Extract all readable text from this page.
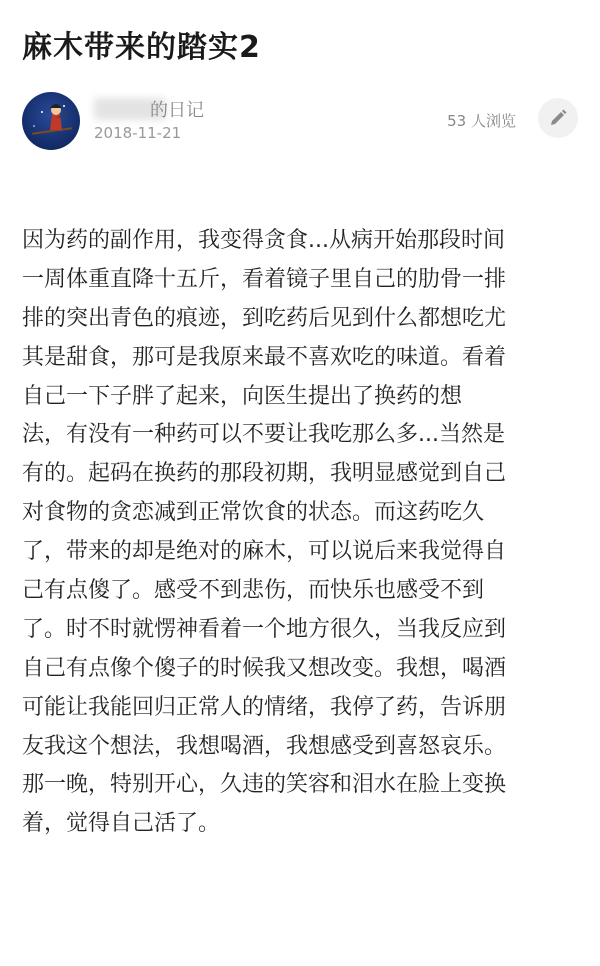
麻木带来的踏实2
的日记
2018-11-21
53 人浏览
因为药的副作用，我变得贪食...从病开始那段时间
一周体重直降十五斤，看着镜子里自己的肋骨一排
排的突出青色的痕迹，到吃药后见到什么都想吃尤
其是甜食，那可是我原来最不喜欢吃的味道。看着
自己一下子胖了起来，向医生提出了换药的想
法，有没有一种药可以不要让我吃那么多...当然是
有的。起码在换药的那段初期，我明显感觉到自己
对食物的贪恋减到正常饮食的状态。而这药吃久
了，带来的却是绝对的麻木，可以说后来我觉得自
己有点傻了。感受不到悲伤，而快乐也感受不到
了。时不时就愣神看着一个地方很久，当我反应到
自己有点像个傻子的时候我又想改变。我想，喝酒
可能让我能回归正常人的情绪，我停了药，告诉朋
友我这个想法，我想喝酒，我想感受到喜怒哀乐。
那一晚，特别开心，久违的笑容和泪水在脸上变换
着，觉得自己活了。
